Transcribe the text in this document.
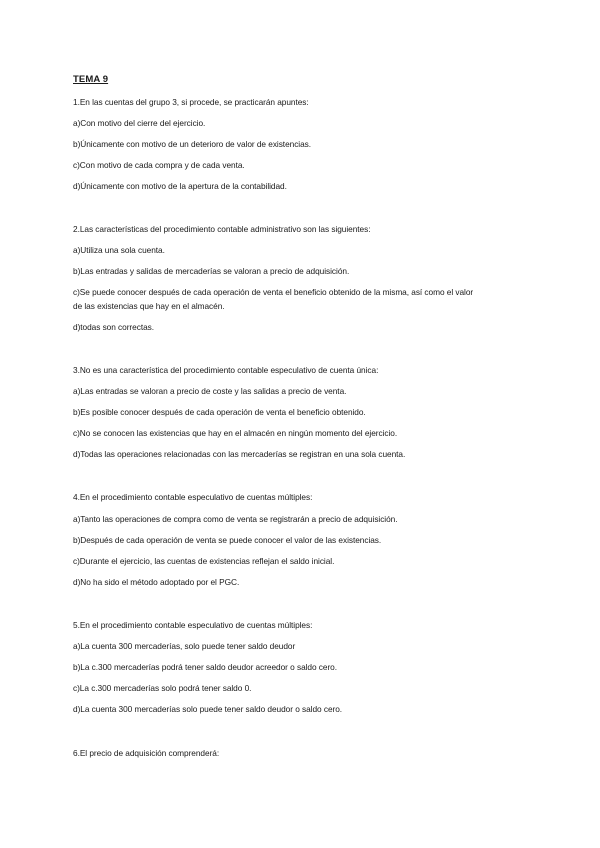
TEMA 9
1.En las cuentas del grupo 3, si procede, se practicarán apuntes:
a)Con motivo del cierre del ejercicio.
b)Únicamente con motivo de un deterioro de valor de existencias.
c)Con motivo de cada compra y de cada venta.
d)Únicamente con motivo de la apertura de la contabilidad.
2.Las características del procedimiento contable administrativo son las siguientes:
a)Utiliza una sola cuenta.
b)Las entradas y salidas de mercaderías se valoran a precio de adquisición.
c)Se puede conocer después de cada operación de venta el beneficio obtenido de la misma, así como el valor
de las existencias que hay en el almacén.
d)todas son correctas.
3.No es una característica del procedimiento contable especulativo de cuenta única:
a)Las entradas se valoran a precio de coste y las salidas a precio de venta.
b)Es posible conocer después de cada operación de venta el beneficio obtenido.
c)No se conocen las existencias que hay en el almacén en ningún momento del ejercicio.
d)Todas las operaciones relacionadas con las mercaderías se registran en una sola cuenta.
4.En el procedimiento contable especulativo de cuentas múltiples:
a)Tanto las operaciones de compra como de venta se registrarán a precio de adquisición.
b)Después de cada operación de venta se puede conocer el valor de las existencias.
c)Durante el ejercicio, las cuentas de existencias reflejan el saldo inicial.
d)No ha sido el método adoptado por el PGC.
5.En el procedimiento contable especulativo de cuentas múltiples:
a)La cuenta 300 mercaderías, solo puede tener saldo deudor
b)La c.300 mercaderías podrá tener saldo deudor acreedor o saldo cero.
c)La c.300 mercaderías solo podrá tener saldo 0.
d)La cuenta 300 mercaderías solo puede tener saldo deudor o saldo cero.
6.El precio de adquisición comprenderá:
